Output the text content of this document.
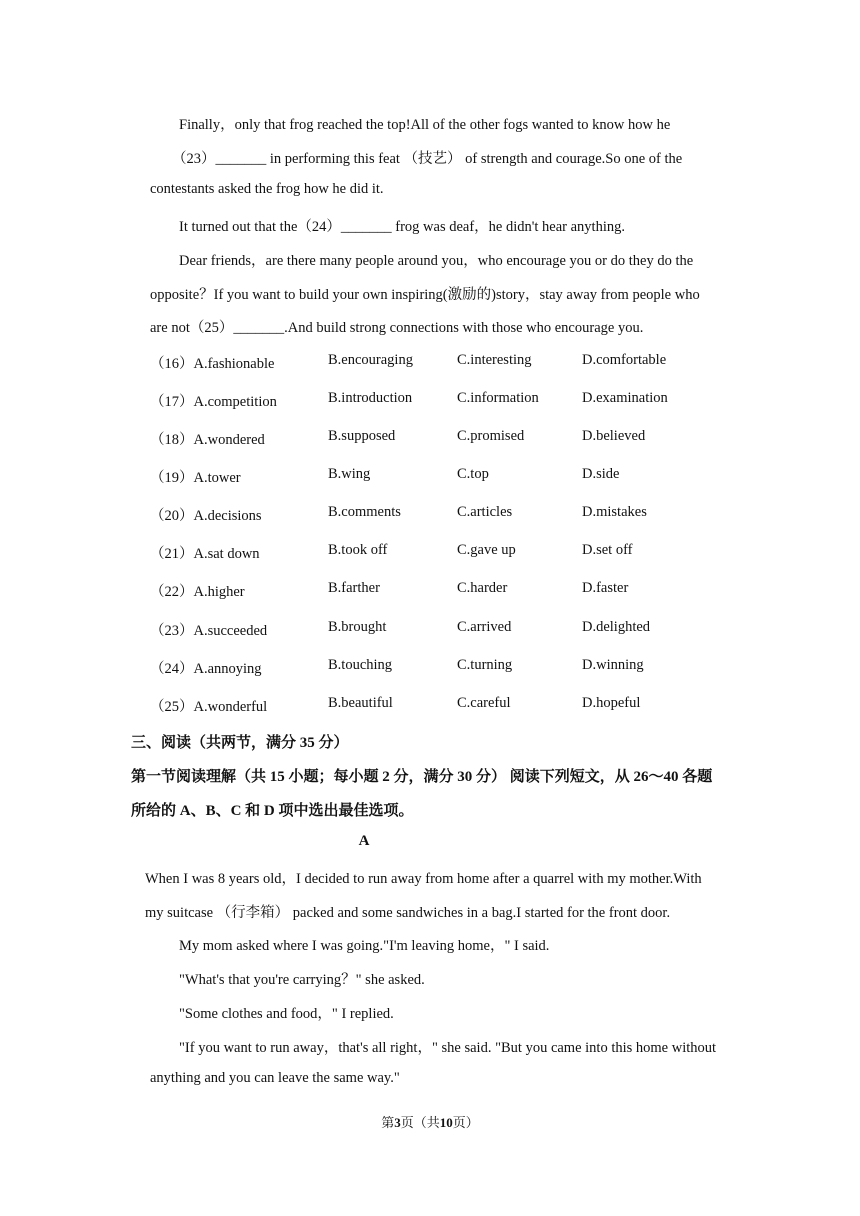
Finally，only that frog reached the top!All of the other fogs wanted to know how he
（23）_______ in performing this feat （技艺） of strength and courage.So one of the
contestants asked the frog how he did it.
It turned out that the（24）_______ frog was deaf，he didn't hear anything.
Dear friends，are there many people around you，who encourage you or do they do the
opposite？If you want to build your own inspiring(激励的)story，stay away from people who
are not（25）_______.And build strong connections with those who encourage you.
（16）A.fashionable	B.encouraging	C.interesting	D.comfortable
（17）A.competition	B.introduction	C.information	D.examination
（18）A.wondered	B.supposed	C.promised	D.believed
（19）A.tower	B.wing	C.top	D.side
（20）A.decisions	B.comments	C.articles	D.mistakes
（21）A.sat down	B.took off	C.gave up	D.set off
（22）A.higher	B.farther	C.harder	D.faster
（23）A.succeeded	B.brought	C.arrived	D.delighted
（24）A.annoying	B.touching	C.turning	D.winning
（25）A.wonderful	B.beautiful	C.careful	D.hopeful
三、阅读（共两节，满分 35 分）
第一节阅读理解（共 15 小题；每小题 2 分，满分 30 分） 阅读下列短文，从 26～40 各题
所给的 A、B、C 和 D 项中选出最佳选项。
A
When I was 8 years old，I decided to run away from home after a quarrel with my mother.With
my suitcase （行李箱） packed and some sandwiches in a bag.I started for the front door.
My mom asked where I was going."I'm leaving home，" I said.
"What's that you're carrying？" she asked.
"Some clothes and food，" I replied.
"If you want to run away，that's all right，" she said. "But you came into this home without
anything and you can leave the same way."
第3页（共10页）
